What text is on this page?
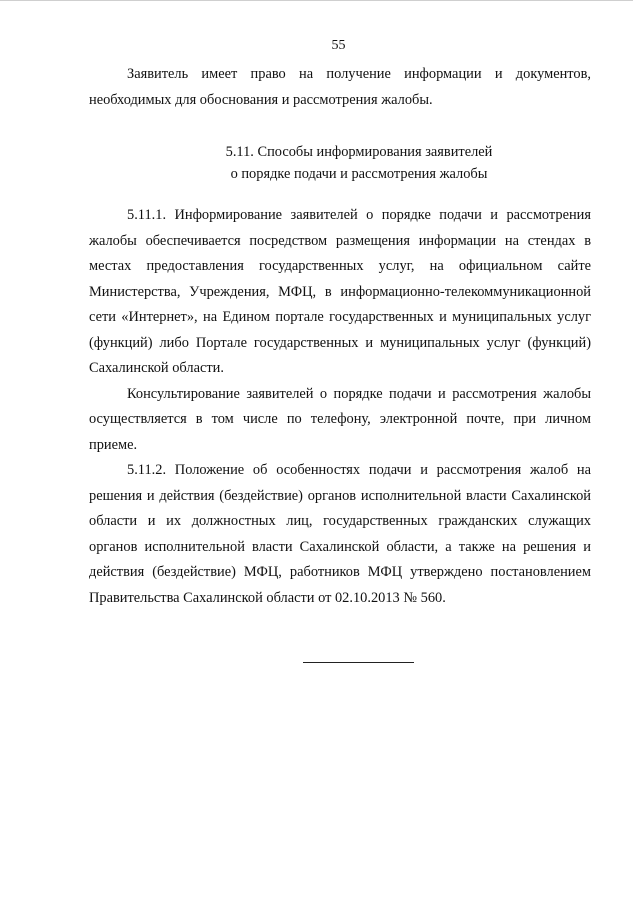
55

Заявитель имеет право на получение информации и документов, необходимых для обоснования и рассмотрения жалобы.

5.11. Способы информирования заявителей
о порядке подачи и рассмотрения жалобы

5.11.1. Информирование заявителей о порядке подачи и рассмотрения жалобы обеспечивается посредством размещения информации на стендах в местах предоставления государственных услуг, на официальном сайте Министерства, Учреждения, МФЦ, в информационно-телекоммуникационной сети «Интернет», на Едином портале государственных и муниципальных услуг (функций) либо Портале государственных и муниципальных услуг (функций) Сахалинской области.

Консультирование заявителей о порядке подачи и рассмотрения жалобы осуществляется в том числе по телефону, электронной почте, при личном приеме.

5.11.2. Положение об особенностях подачи и рассмотрения жалоб на решения и действия (бездействие) органов исполнительной власти Сахалинской области и их должностных лиц, государственных гражданских служащих органов исполнительной власти Сахалинской области, а также на решения и действия (бездействие) МФЦ, работников МФЦ утверждено постановлением Правительства Сахалинской области от 02.10.2013 № 560.
